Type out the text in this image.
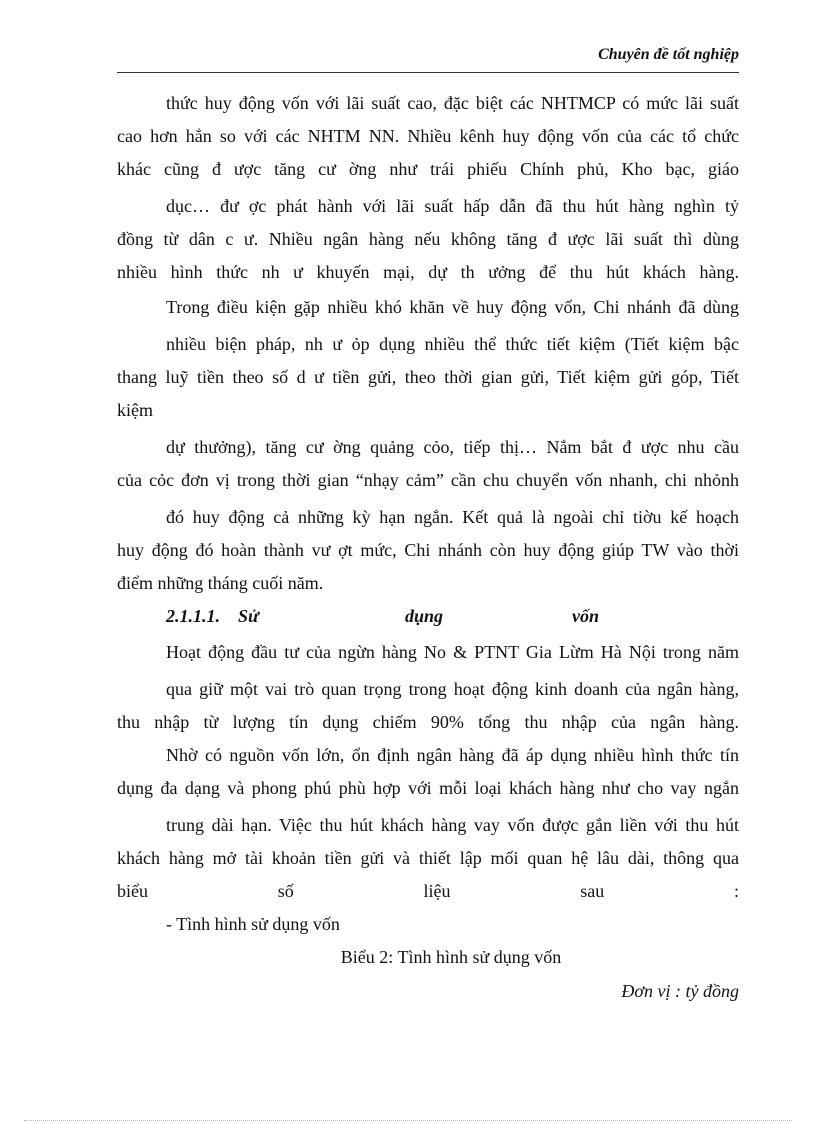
Chuyên đề tốt nghiệp
thức huy động vốn với lãi suất cao, đặc biệt các NHTMCP có mức lãi suất
cao hơn hẳn so với các NHTM NN. Nhiều kênh huy động vốn của các tổ chức
khác cũng đ ược tăng cư ờng như trái phiếu Chính phủ, Kho bạc, giáo
dục… đư ợc phát hành với lãi suất hấp dẫn đã thu hút hàng nghìn tỷ
đồng từ dân c ư. Nhiều ngân hàng nếu không tăng đ ược lãi suất thì dùng
nhiều hình thức nh ư khuyến mại, dự th ưởng để thu hút khách hàng.
Trong điều kiện gặp nhiều khó khăn về huy động vốn, Chi nhánh đã dùng
nhiều biện pháp, nh ư ỏp dụng nhiều thể thức tiết kiệm (Tiết kiệm bậc
thang luỹ tiền theo số d ư tiền gửi, theo thời gian gửi, Tiết kiệm gửi góp, Tiết
kiệm
dự thưởng), tăng cư ờng quảng cỏo, tiếp thị… Nắm bắt đ ược nhu cầu
của cỏc đơn vị trong thời gian “nhạy cảm” cần chu chuyển vốn nhanh, chi nhỏnh
đó huy động cả những kỳ hạn ngắn. Kết quả là ngoài chỉ tiờu kế hoạch
huy động đó hoàn thành vư ợt mức, Chi nhánh còn huy động giúp TW vào thời
điểm những tháng cuối năm.
2.1.1.1.	Sử	dụng	vốn
Hoạt động đầu tư của ngừn hàng No & PTNT Gia Lừm Hà Nội trong năm
qua giữ một vai trò quan trọng trong hoạt động kinh doanh của ngân hàng,
thu nhập từ lượng tín dụng chiếm 90% tổng thu nhập của ngân hàng.
Nhờ có nguồn vốn lớn, ổn định ngân hàng đã áp dụng nhiều hình thức tín
dụng đa dạng và phong phú phù hợp với mỗi loại khách hàng như cho vay ngắn
trung dài hạn. Việc thu hút khách hàng vay vốn được gắn liền với thu hút
khách hàng mở tài khoản tiền gửi và thiết lập mối quan hệ lâu dài, thông qua
biểu	số	liệu	sau	:
- Tình hình sử dụng vốn
Biểu 2: Tình hình sử dụng vốn
Đơn vị : tỷ đồng
